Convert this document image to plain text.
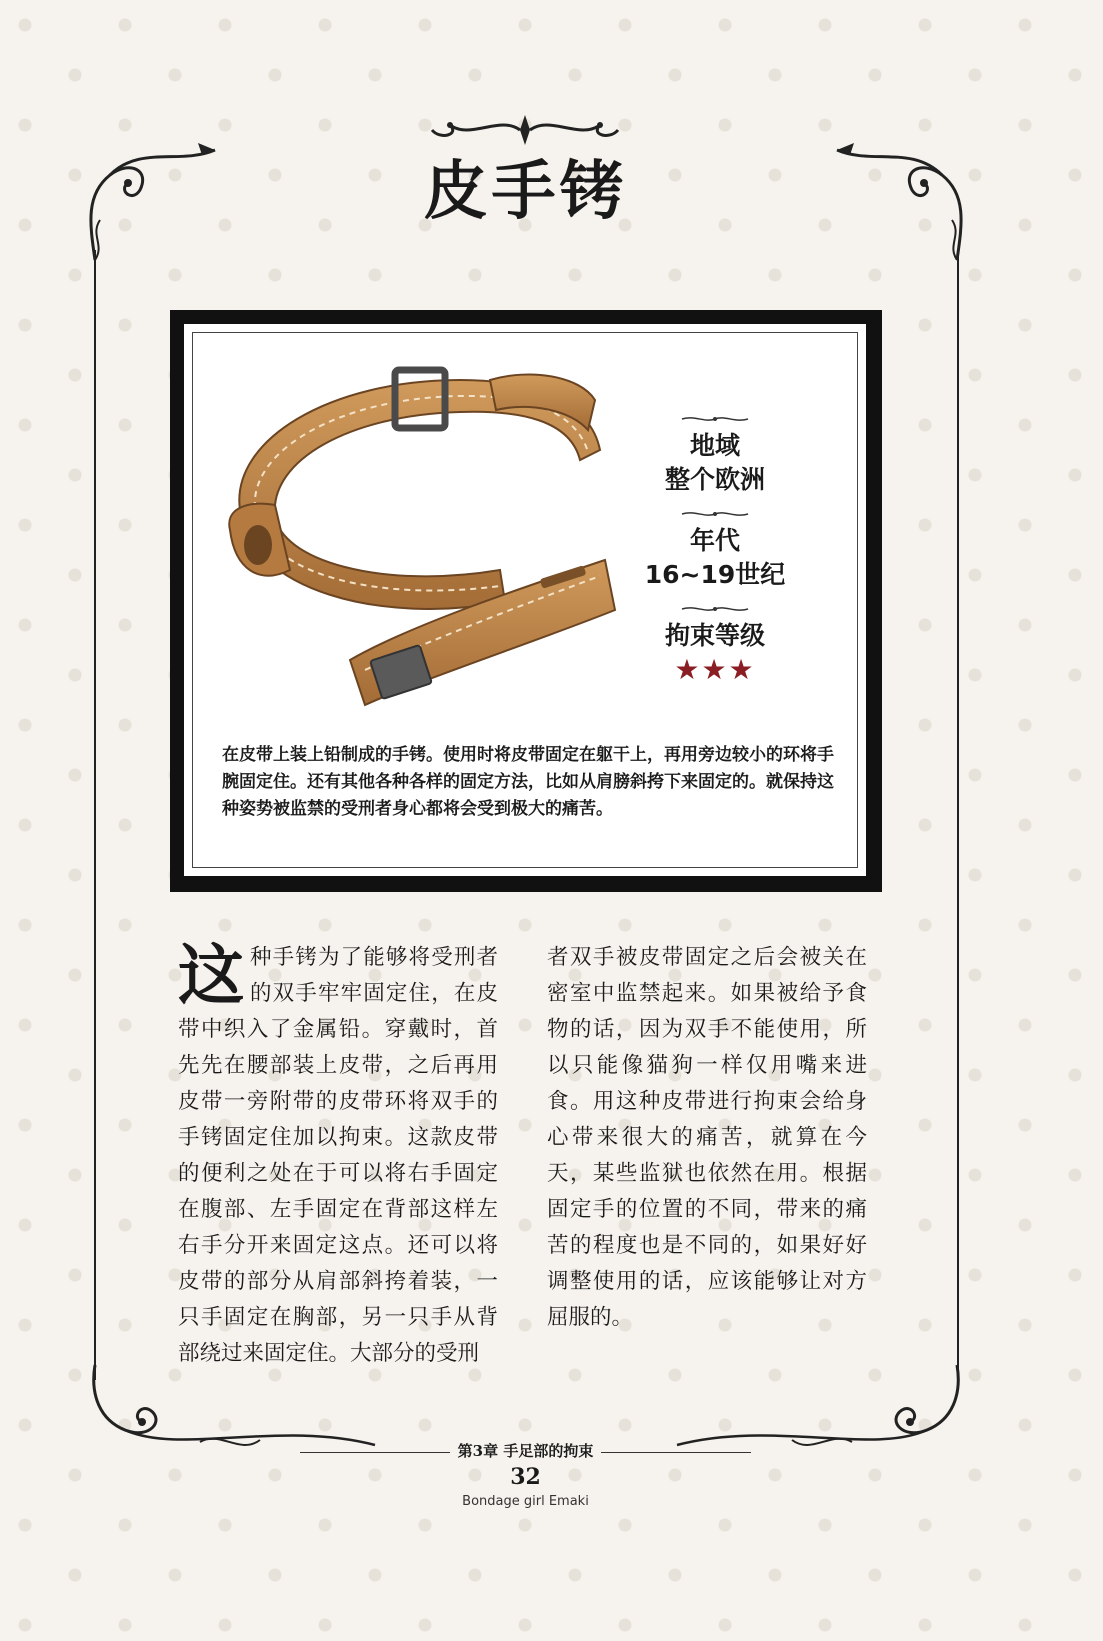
皮手铐
地域
整个欧洲
年代
16~19世纪
拘束等级
★★★
在皮带上装上铅制成的手铐。使用时将皮带固定在躯干上，再用旁边较小的环将手腕固定住。还有其他各种各样的固定方法，比如从肩膀斜挎下来固定的。就保持这种姿势被监禁的受刑者身心都将会受到极大的痛苦。
这种手铐为了能够将受刑者的双手牢牢固定住，在皮带中织入了金属铅。穿戴时，首先先在腰部装上皮带，之后再用皮带一旁附带的皮带环将双手的手铐固定住加以拘束。这款皮带的便利之处在于可以将右手固定在腹部、左手固定在背部这样左右手分开来固定这点。还可以将皮带的部分从肩部斜挎着装，一只手固定在胸部，另一只手从背部绕过来固定住。大部分的受刑
者双手被皮带固定之后会被关在密室中监禁起来。如果被给予食物的话，因为双手不能使用，所以只能像猫狗一样仅用嘴来进食。用这种皮带进行拘束会给身心带来很大的痛苦，就算在今天，某些监狱也依然在用。根据固定手的位置的不同，带来的痛苦的程度也是不同的，如果好好调整使用的话，应该能够让对方屈服的。
第3章 手足部的拘束
32
Bondage girl Emaki
